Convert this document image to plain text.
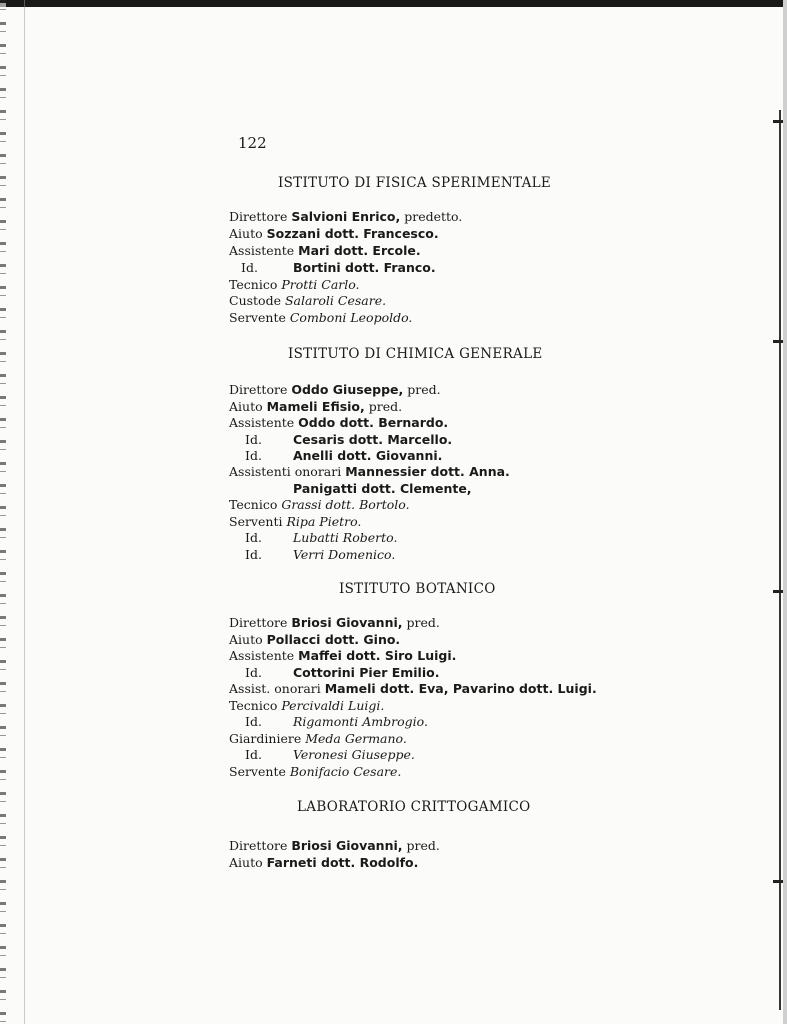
122
ISTITUTO DI FISICA SPERIMENTALE
Direttore Salvioni Enrico, predetto.
Aiuto Sozzani dott. Francesco.
Assistente Mari dott. Ercole.
Id.	Bortini dott. Franco.
Tecnico Protti Carlo.
Custode Salaroli Cesare.
Servente Comboni Leopoldo.
ISTITUTO DI CHIMICA GENERALE
Direttore Oddo Giuseppe, pred.
Aiuto Mameli Efisio, pred.
Assistente Oddo dott. Bernardo.
Id. Cesaris dott. Marcello.
Id. Anelli dott. Giovanni.
Assistenti onorari Mannessier dott. Anna.
Panigatti dott. Clemente,
Tecnico Grassi dott. Bortolo.
Serventi Ripa Pietro.
Id. Lubatti Roberto.
Id. Verri Domenico.
ISTITUTO BOTANICO
Direttore Briosi Giovanni, pred.
Aiuto Pollacci dott. Gino.
Assistente Maffei dott. Siro Luigi.
Id. Cottorini Pier Emilio.
Assist. onorari Mameli dott. Eva, Pavarino dott. Luigi.
Tecnico Percivaldi Luigi.
Id. Rigamonti Ambrogio.
Giardiniere Meda Germano.
Id. Veronesi Giuseppe.
Servente Bonifacio Cesare.
LABORATORIO CRITTOGAMICO
Direttore Briosi Giovanni, pred.
Aiuto Farneti dott. Rodolfo.
